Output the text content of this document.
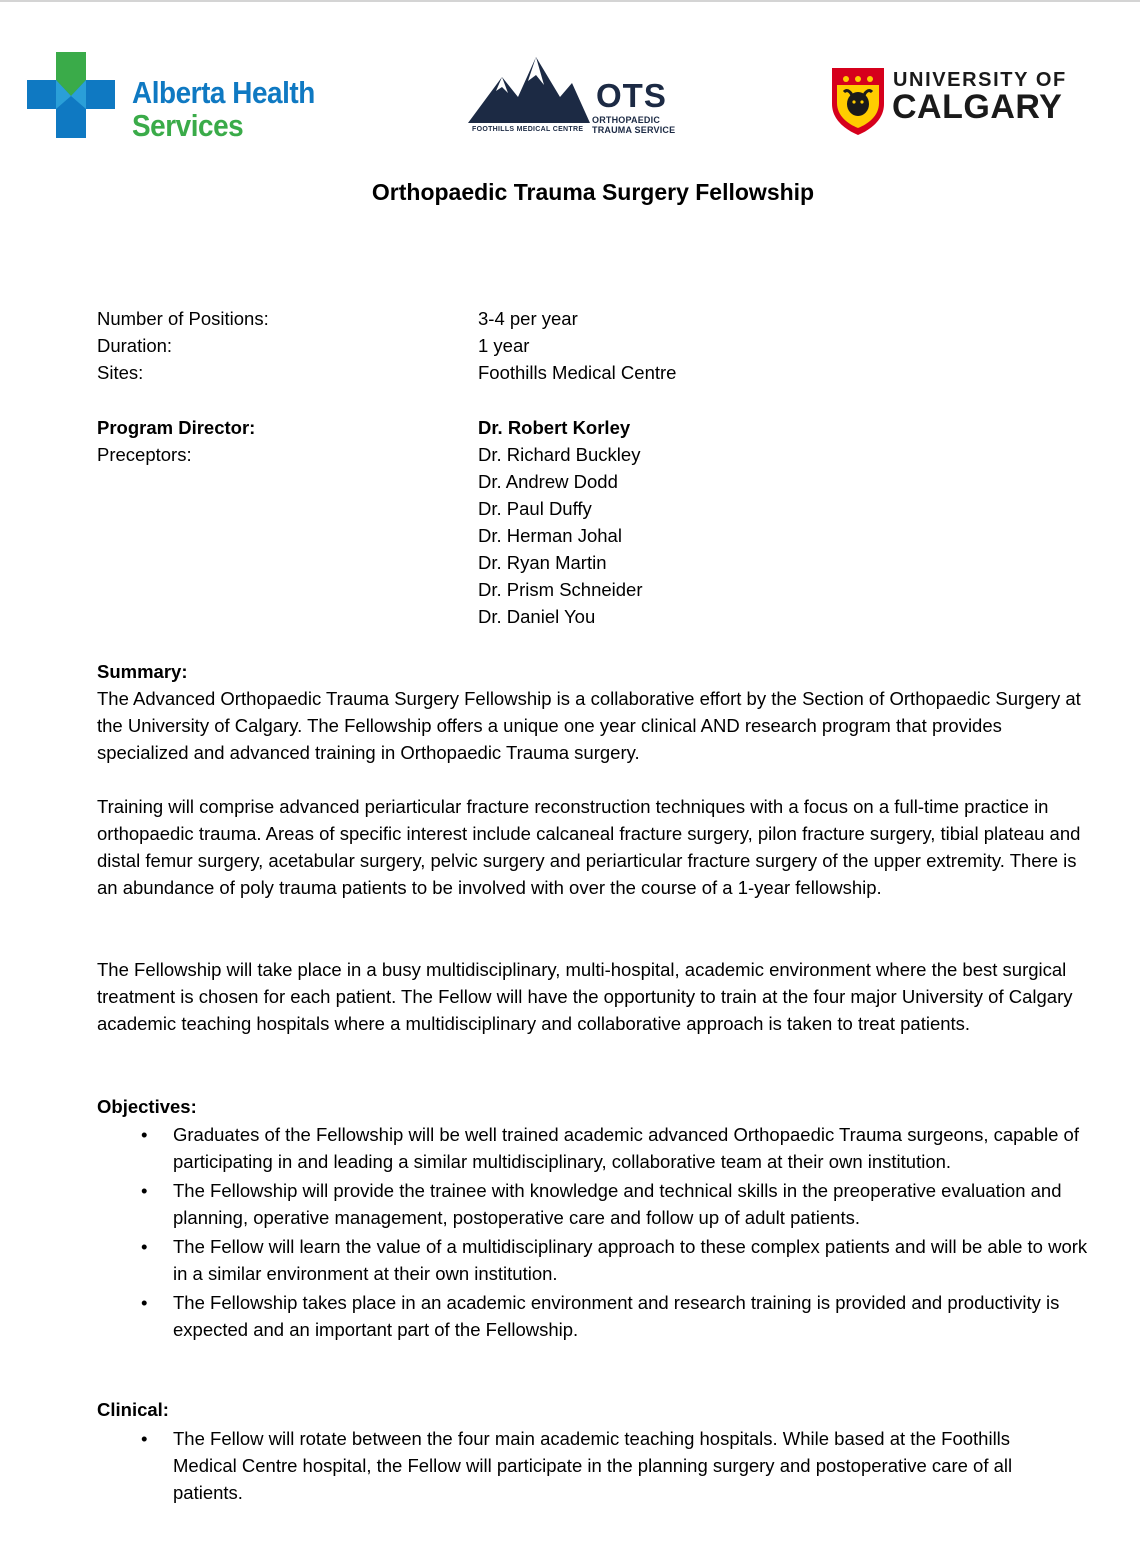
Alberta Health
Services
OTS
ORTHOPAEDIC
TRAUMA SERVICE
FOOTHILLS MEDICAL CENTRE
UNIVERSITY OF
CALGARY
Orthopaedic Trauma Surgery Fellowship
Number of Positions:	3-4 per year
Duration:	1 year
Sites:	Foothills Medical Centre
Program Director:	Dr. Robert Korley
Preceptors:	Dr. Richard Buckley
Dr. Andrew Dodd
Dr. Paul Duffy
Dr. Herman Johal
Dr. Ryan Martin
Dr. Prism Schneider
Dr. Daniel You

Summary:

The Advanced Orthopaedic Trauma Surgery Fellowship is a collaborative effort by the Section of Orthopaedic Surgery at the University of Calgary. The Fellowship offers a unique one year clinical AND research program that provides specialized and advanced training in Orthopaedic Trauma surgery.

Training will comprise advanced periarticular fracture reconstruction techniques with a focus on a full-time practice in orthopaedic trauma. Areas of specific interest include calcaneal fracture surgery, pilon fracture surgery, tibial plateau and distal femur surgery, acetabular surgery, pelvic surgery and periarticular fracture surgery of the upper extremity. There is an abundance of poly trauma patients to be involved with over the course of a 1-year fellowship.

The Fellowship will take place in a busy multidisciplinary, multi-hospital, academic environment where the best surgical treatment is chosen for each patient. The Fellow will have the opportunity to train at the four major University of Calgary academic teaching hospitals where a multidisciplinary and collaborative approach is taken to treat patients.

Objectives:

• Graduates of the Fellowship will be well trained academic advanced Orthopaedic Trauma surgeons, capable of participating in and leading a similar multidisciplinary, collaborative team at their own institution.
• The Fellowship will provide the trainee with knowledge and technical skills in the preoperative evaluation and planning, operative management, postoperative care and follow up of adult patients.
• The Fellow will learn the value of a multidisciplinary approach to these complex patients and will be able to work in a similar environment at their own institution.
• The Fellowship takes place in an academic environment and research training is provided and productivity is expected and an important part of the Fellowship.

Clinical:

• The Fellow will rotate between the four main academic teaching hospitals. While based at the Foothills Medical Centre hospital, the Fellow will participate in the planning surgery and postoperative care of all patients.
